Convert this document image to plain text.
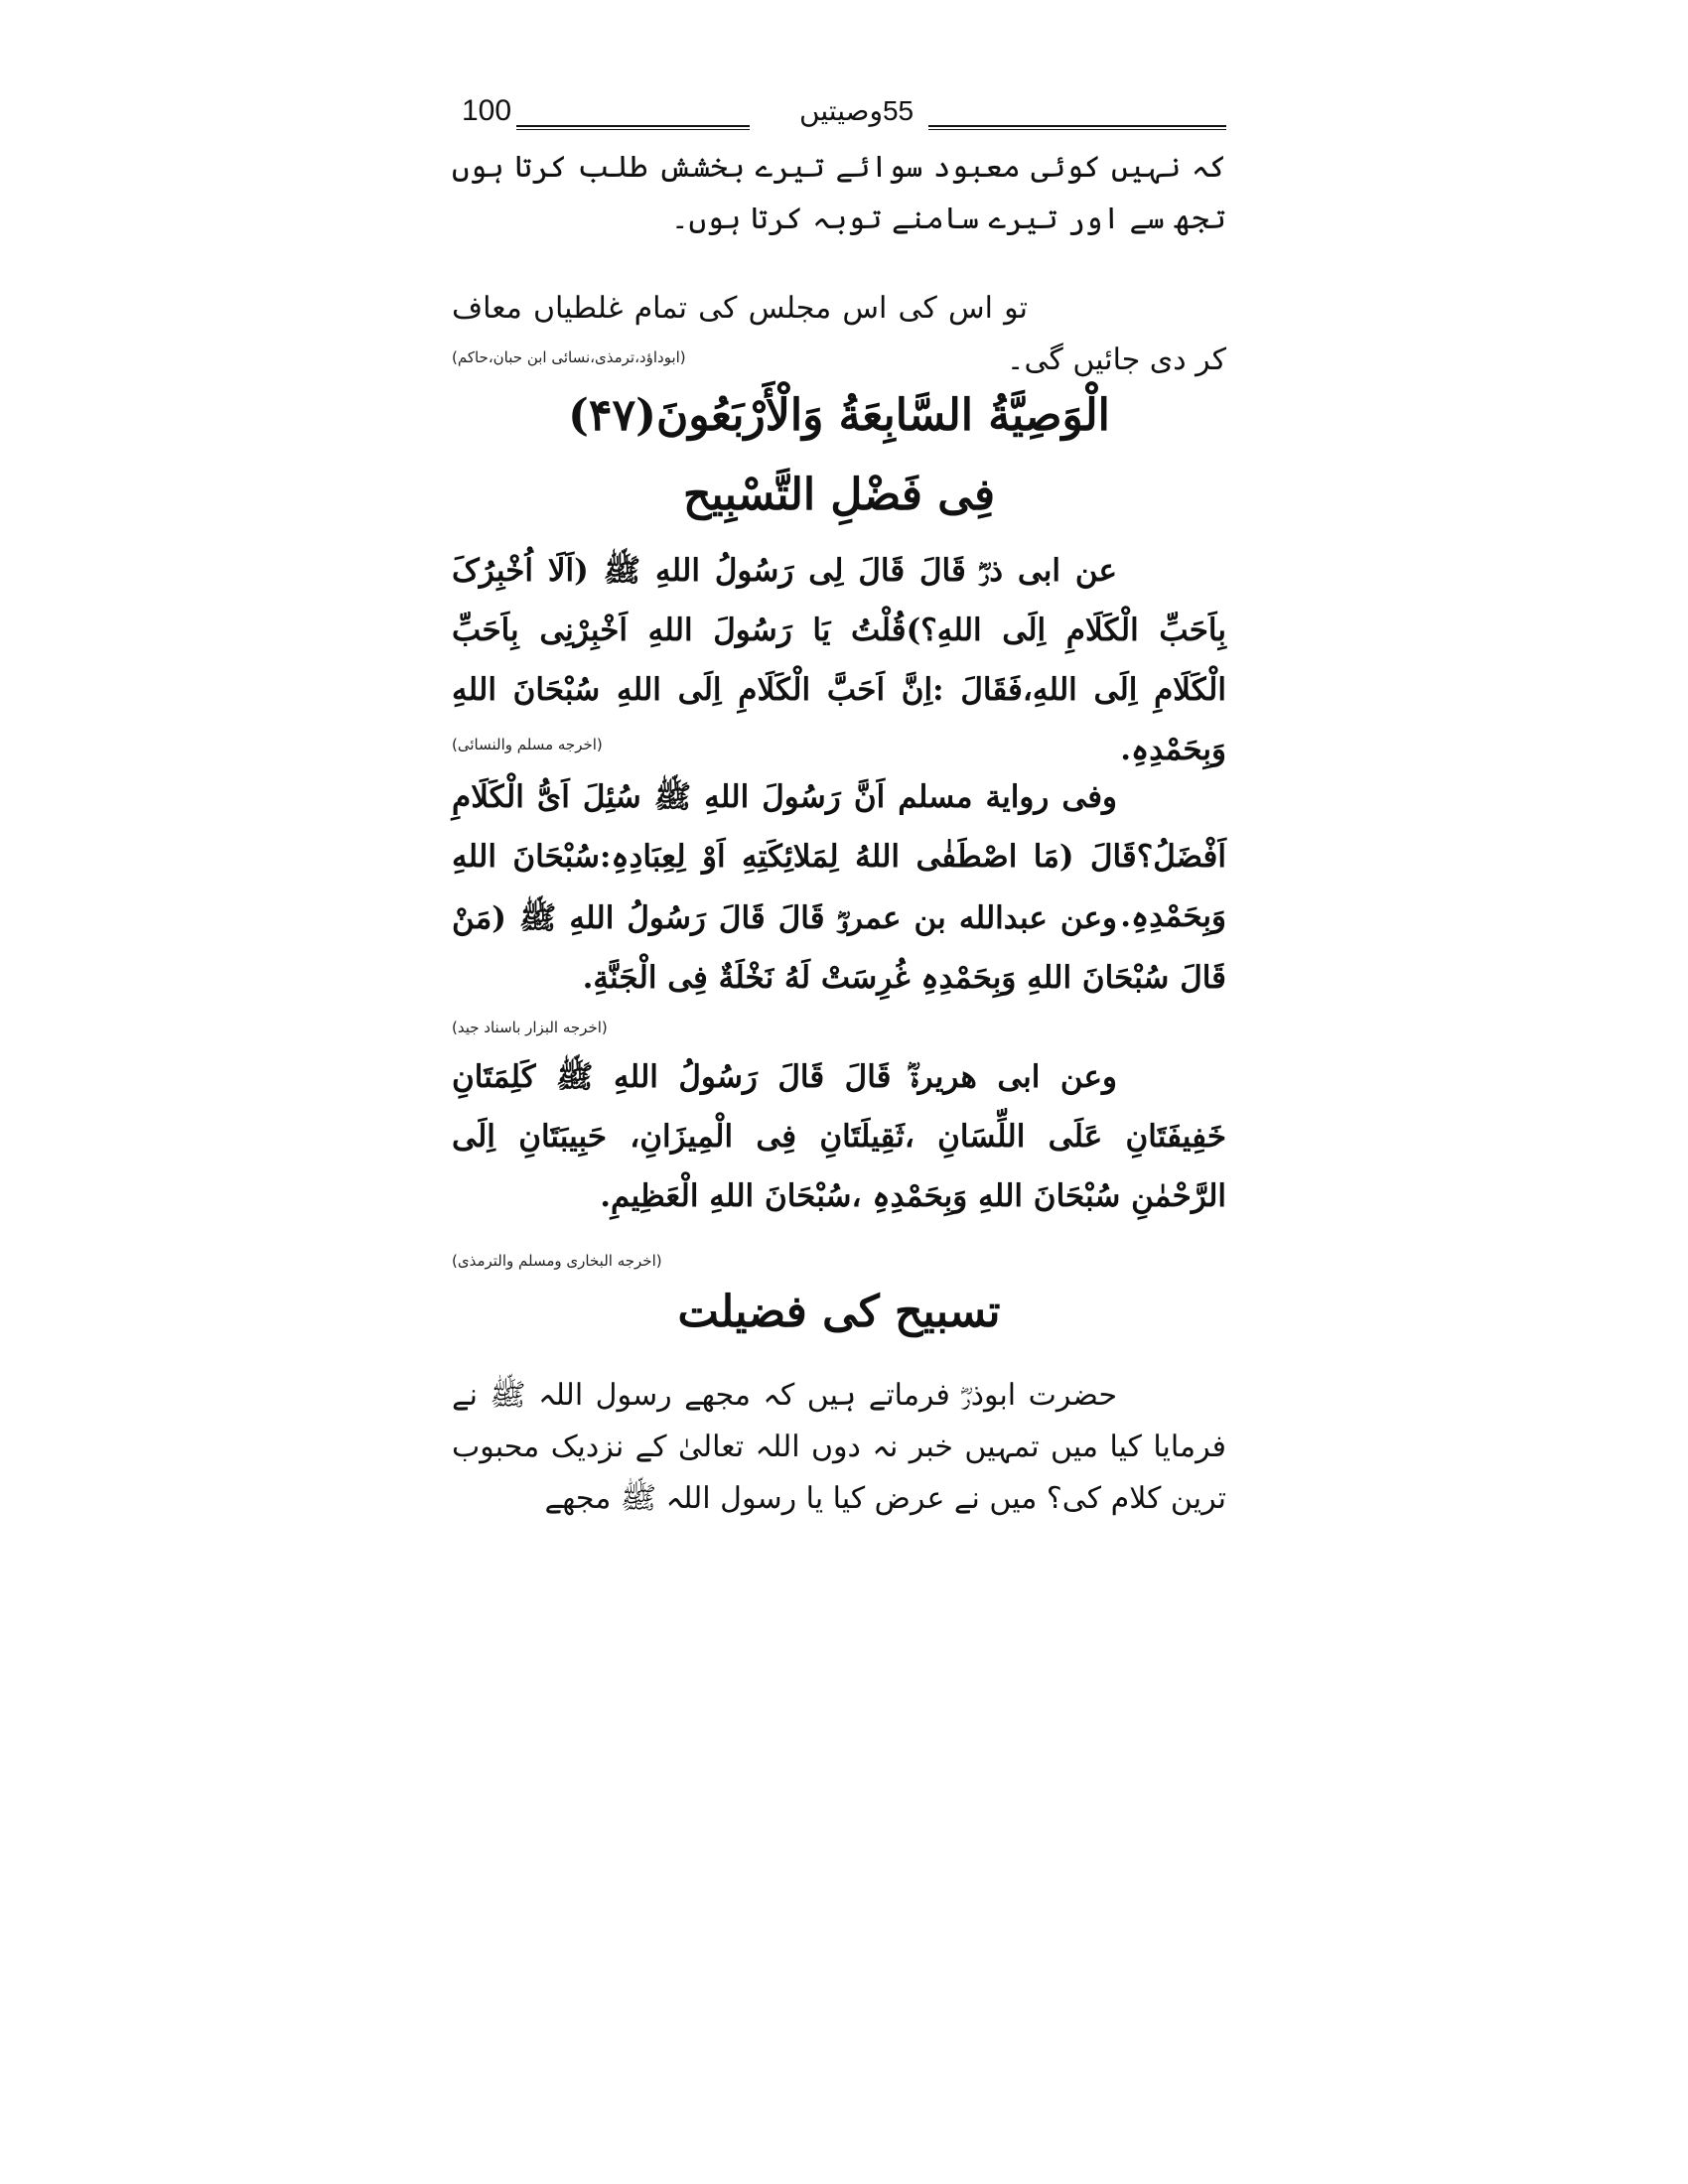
100	55وصیتیں
کہ نہیں کوئی معبود سوائے تیرے بخشش طلب کرتا ہوں تجھ سے اور تیرے سامنے توبہ کرتا ہوں۔
تو اس کی اس مجلس کی تمام غلطیاں معاف کر دی جائیں گی۔
(ابوداؤد،ترمذی،نسائی ابن حبان،حاکم)
الْوَصِیَّةُ السَّابِعَةُ وَالْأَرْبَعُونَ(۴۷)
فِی فَضْلِ التَّسْبِیح
عن ابی ذرؓ قَالَ قَالَ لِی رَسُولُ اللهِ ﷺ (اَلَا اُخْبِرُکَ بِاَحَبِّ الْکَلَامِ اِلَی اللهِ؟)قُلْتُ یَا رَسُولَ اللهِ اَخْبِرْنِی بِاَحَبِّ الْکَلَامِ اِلَی اللهِ،فَقَالَ :اِنَّ اَحَبَّ الْکَلَامِ اِلَی اللهِ سُبْحَانَ اللهِ وَبِحَمْدِہِ.
(اخرجه مسلم والنسائی)
وفی روایة مسلم اَنَّ رَسُولَ اللهِ ﷺ سُئِلَ اَیُّ الْکَلَامِ اَفْضَلُ؟قَالَ (مَا اصْطَفٰی اللهُ لِمَلائِکَتِهِ اَوْ لِعِبَادِہِ:سُبْحَانَ اللهِ وَبِحَمْدِہِ.
وعن عبدالله بن عمروؓ قَالَ قَالَ رَسُولُ اللهِ ﷺ (مَنْ قَالَ سُبْحَانَ اللهِ وَبِحَمْدِہِ غُرِسَتْ لَهُ نَخْلَةٌ فِی الْجَنَّةِ.
(اخرجه البزار باسناد جید)
وعن ابی ھریرۃؓ قَالَ قَالَ رَسُولُ اللهِ ﷺ کَلِمَتَانِ خَفِیفَتَانِ عَلَی اللِّسَانِ ،ثَقِیلَتَانِ فِی الْمِیزَانِ، حَبِیبَتَانِ اِلَی الرَّحْمٰنِ سُبْحَانَ اللهِ وَبِحَمْدِہِ ،سُبْحَانَ اللهِ الْعَظِیمِ.
(اخرجه البخاری ومسلم والترمذی)
تسبیح کی فضیلت
حضرت ابوذرؓ فرماتے ہیں کہ مجھے رسول اللہ ﷺ نے فرمایا کیا میں تمہیں خبر نہ دوں اللہ تعالیٰ کے نزدیک محبوب ترین کلام کی؟ میں نے عرض کیا یا رسول اللہ ﷺ مجھے
